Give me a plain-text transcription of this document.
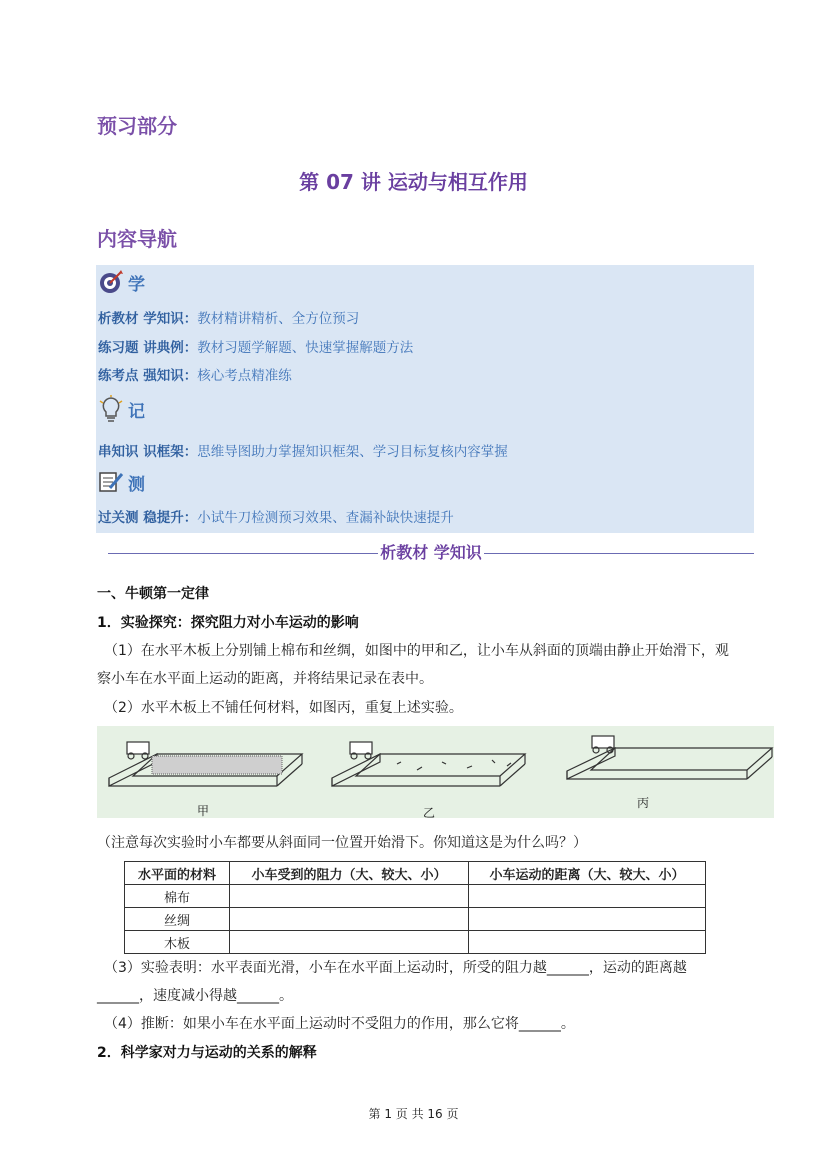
预习部分
第 07 讲 运动与相互作用
内容导航
学
析教材 学知识：教材精讲精析、全方位预习
练习题 讲典例：教材习题学解题、快速掌握解题方法
练考点 强知识：核心考点精准练
记
串知识 识框架：思维导图助力掌握知识框架、学习目标复核内容掌握
测
过关测 稳提升：小试牛刀检测预习效果、查漏补缺快速提升
析教材 学知识
一、牛顿第一定律
1．实验探究：探究阻力对小车运动的影响
（1）在水平木板上分别铺上棉布和丝绸，如图中的甲和乙，让小车从斜面的顶端由静止开始滑下，观
察小车在水平面上运动的距离，并将结果记录在表中。
（2）水平木板上不铺任何材料，如图丙，重复上述实验。
甲	乙
丙
（注意每次实验时小车都要从斜面同一位置开始滑下。你知道这是为什么吗？）
水平面的材料	小车受到的阻力（大、较大、小）	小车运动的距离（大、较大、小）
棉布		
丝绸		
木板		
（3）实验表明：水平表面光滑，小车在水平面上运动时，所受的阻力越______，运动的距离越
______，速度减小得越______。
（4）推断：如果小车在水平面上运动时不受阻力的作用，那么它将______。
2．科学家对力与运动的关系的解释
第 1 页 共 16 页
